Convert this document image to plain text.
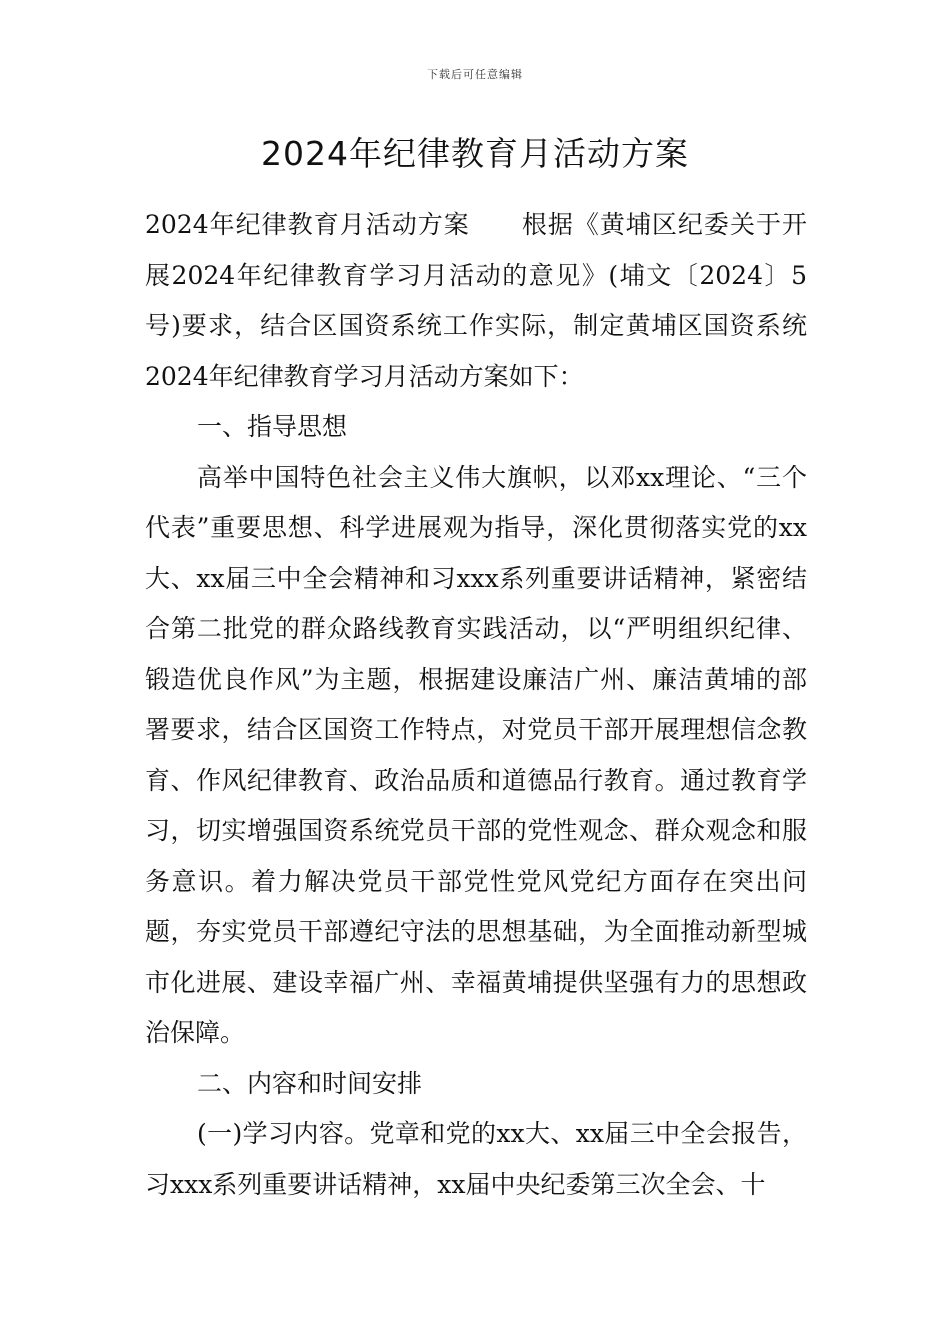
下载后可任意编辑
2024年纪律教育月活动方案

2024年纪律教育月活动方案　　根据《黄埔区纪委关于开展2024年纪律教育学习月活动的意见》(埔文〔2024〕5号)要求，结合区国资系统工作实际，制定黄埔区国资系统2024年纪律教育学习月活动方案如下：

一、指导思想

高举中国特色社会主义伟大旗帜，以邓xx理论、“三个代表”重要思想、科学进展观为指导，深化贯彻落实党的xx大、xx届三中全会精神和习xxx系列重要讲话精神，紧密结合第二批党的群众路线教育实践活动，以“严明组织纪律、锻造优良作风”为主题，根据建设廉洁广州、廉洁黄埔的部署要求，结合区国资工作特点，对党员干部开展理想信念教育、作风纪律教育、政治品质和道德品行教育。通过教育学习，切实增强国资系统党员干部的党性观念、群众观念和服务意识。着力解决党员干部党性党风党纪方面存在突出问题，夯实党员干部遵纪守法的思想基础，为全面推动新型城市化进展、建设幸福广州、幸福黄埔提供坚强有力的思想政治保障。

二、内容和时间安排

(一)学习内容。党章和党的xx大、xx届三中全会报告，习xxx系列重要讲话精神，xx届中央纪委第三次全会、十
